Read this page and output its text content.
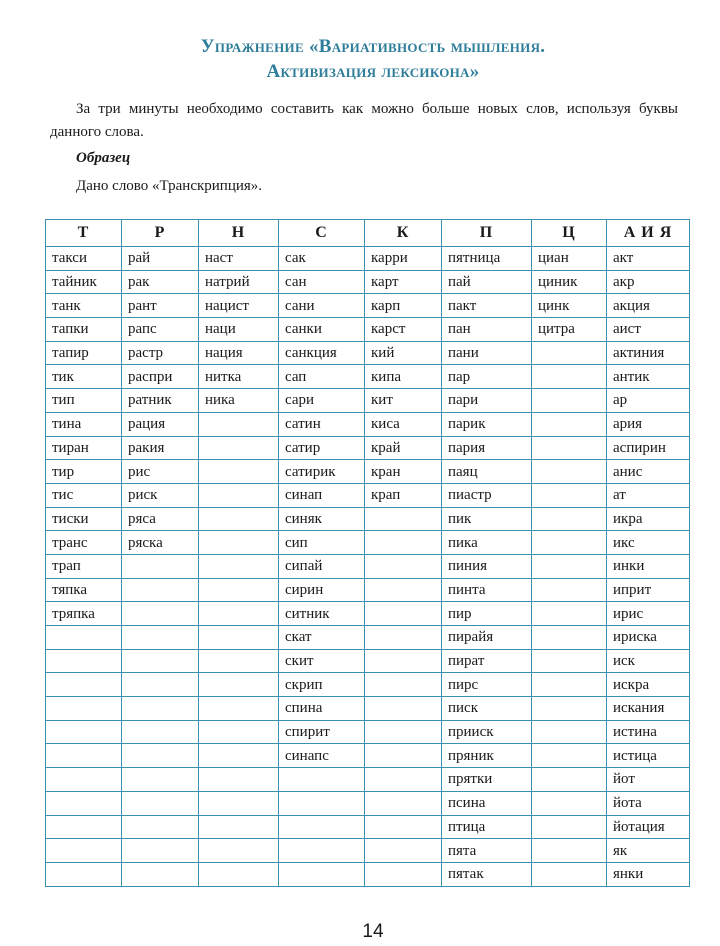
Упражнение «Вариативность мышления.
Активизация лексикона»

За три минуты необходимо составить как можно больше новых слов, используя буквы данного слова.

Образец
Дано слово «Транскрипция».
Т	Р	Н	С	К	П	Ц	А И Я
такси	рай	наст	сак	карри	пятница	циан	акт
тайник	рак	натрий	сан	карт	пай	циник	акр
танк	рант	нацист	сани	карп	пакт	цинк	акция
тапки	рапс	наци	санки	карст	пан	цитра	аист
тапир	растр	нация	санкция	кий	пани		актиния
тик	распри	нитка	сап	кипа	пар		антик
тип	ратник	ника	сари	кит	пари		ар
тина	рация		сатин	киса	парик		ария
тиран	ракия		сатир	край	пария		аспирин
тир	рис		сатирик	кран	паяц		анис
тис	риск		синап	крап	пиастр		ат
тиски	ряса		синяк		пик		икра
транс	ряска		сип		пика		икс
трап			сипай		пиния		инки
тяпка			сирин		пинта		иприт
тряпка			ситник		пир		ирис
			скат		пирайя		ириска
			скит		пират		иск
			скрип		пирс		искра
			спина		писк		искания
			спирит		прииск		истина
			синапс		пряник		истица
					прятки		йот
					псина		йота
					птица		йотация
					пята		як
					пятак		янки
14
